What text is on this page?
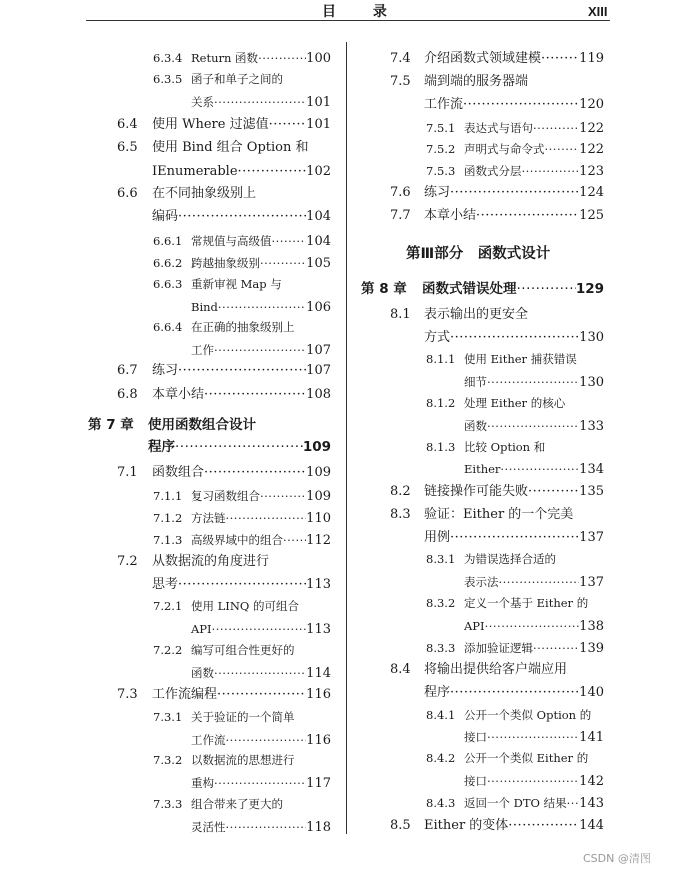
目 录	XIII
6.3.4 Return 函数 ·····	100
6.3.5 函子和单子之间的
关系 ·····	101
6.4	使用 Where 过滤值 ·····	101
6.5	使用 Bind 组合 Option 和
IEnumerable ·····	102
6.6	在不同抽象级别上
编码 ·····	104
6.6.1 常规值与高级值 ·····	104
6.6.2 跨越抽象级别 ·····	105
6.6.3 重新审视 Map 与
Bind ·····	106
6.6.4 在正确的抽象级别上
工作 ·····	107
6.7	练习 ·····	107
6.8	本章小结 ·····	108
第 7 章	使用函数组合设计
程序 ·····	109
7.1	函数组合 ·····	109
7.1.1 复习函数组合 ·····	109
7.1.2 方法链 ·····	110
7.1.3 高级界域中的组合 ····· 112
7.2	从数据流的角度进行
思考 ·····	113
7.2.1 使用 LINQ 的可组合
API ·····	113
7.2.2 编写可组合性更好的
函数 ·····	114
7.3	工作流编程 ·····	116
7.3.1 关于验证的一个简单
工作流 ·····	116
7.3.2 以数据流的思想进行
重构 ·····	117
7.3.3 组合带来了更大的
灵活性 ·····	118
7.4	介绍函数式领域建模 ·····	119
7.5	端到端的服务器端
工作流 ·····	120
7.5.1 表达式与语句 ·····	122
7.5.2 声明式与命令式 ·····	122
7.5.3 函数式分层 ·····	123
7.6	练习 ·····	124
7.7	本章小结 ·····	125
第Ⅲ部分　函数式设计
第 8 章	函数式错误处理 ·····	129
8.1	表示输出的更安全
方式 ·····	130
8.1.1 使用 Either 捕获错误
细节 ·····	130
8.1.2 处理 Either 的核心
函数 ·····	133
8.1.3 比较 Option 和
Either ·····	134
8.2	链接操作可能失败 ·····	135
8.3	验证：Either 的一个完美
用例 ·····	137
8.3.1 为错误选择合适的
表示法 ·····	137
8.3.2 定义一个基于 Either 的
API ·····	138
8.3.3 添加验证逻辑 ·····	139
8.4	将输出提供给客户端应用
程序 ·····	140
8.4.1 公开一个类似 Option 的
接口 ·····	141
8.4.2 公开一个类似 Either 的
接口 ·····	142
8.4.3 返回一个 DTO 结果 ····· 143
8.5	Either 的变体 ·····	144
CSDN @清图
